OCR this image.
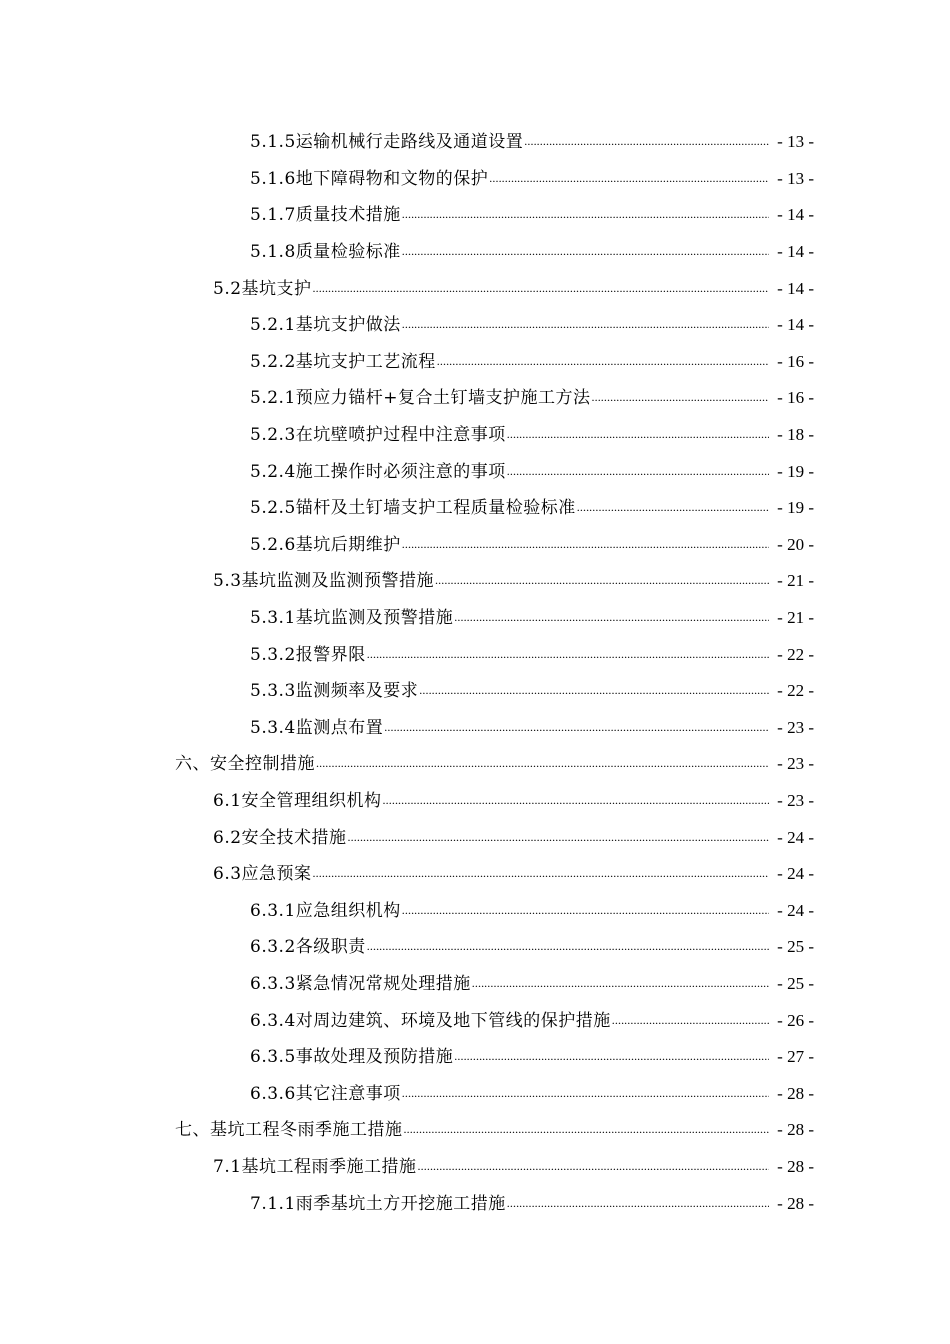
5.1.5运输机械行走路线及通道设置 .....	- 13 -
5.1.6地下障碍物和文物的保护 .....	- 13 -
5.1.7质量技术措施 .....	- 14 -
5.1.8质量检验标准 .....	- 14 -
5.2基坑支护 .....	- 14 -
5.2.1基坑支护做法 .....	- 14 -
5.2.2基坑支护工艺流程 .....	- 16 -
5.2.1预应力锚杆+复合土钉墙支护施工方法 .....	- 16 -
5.2.3在坑壁喷护过程中注意事项 .....	- 18 -
5.2.4施工操作时必须注意的事项 .....	- 19 -
5.2.5锚杆及土钉墙支护工程质量检验标准 .....	- 19 -
5.2.6基坑后期维护 .....	- 20 -
5.3基坑监测及监测预警措施 .....	- 21 -
5.3.1基坑监测及预警措施 .....	- 21 -
5.3.2报警界限 .....	- 22 -
5.3.3监测频率及要求 .....	- 22 -
5.3.4监测点布置 .....	- 23 -
六、安全控制措施 .....	- 23 -
6.1安全管理组织机构 .....	- 23 -
6.2安全技术措施 .....	- 24 -
6.3应急预案 .....	- 24 -
6.3.1应急组织机构 .....	- 24 -
6.3.2各级职责 .....	- 25 -
6.3.3紧急情况常规处理措施 .....	- 25 -
6.3.4对周边建筑、环境及地下管线的保护措施 .....	- 26 -
6.3.5事故处理及预防措施 .....	- 27 -
6.3.6其它注意事项 .....	- 28 -
七、基坑工程冬雨季施工措施 .....	- 28 -
7.1基坑工程雨季施工措施 .....	- 28 -
7.1.1雨季基坑土方开挖施工措施 .....	- 28 -
